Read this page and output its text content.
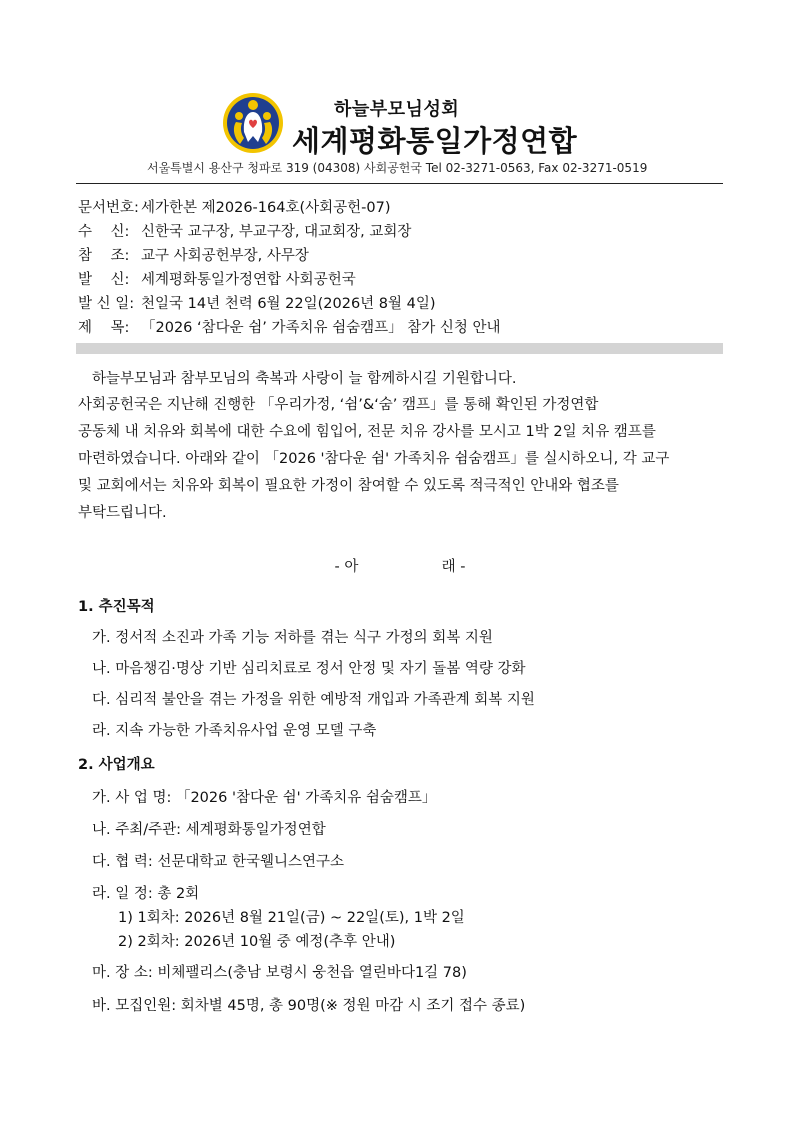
하늘부모님성회
세계평화통일가정연합
서울특별시 용산구 청파로 319 (04308) 사회공헌국 Tel 02-3271-0563, Fax 02-3271-0519
문서번호: 세가한본 제2026-164호(사회공헌-07)
수    신: 신한국 교구장, 부교구장, 대교회장, 교회장
참    조: 교구 사회공헌부장, 사무장
발    신: 세계평화통일가정연합 사회공헌국
발 신 일: 천일국 14년 천력 6월 22일(2026년 8월 4일)
제    목: 「2026 ‘참다운 쉼’ 가족치유 쉼숨캠프」 참가 신청 안내
하늘부모님과 참부모님의 축복과 사랑이 늘 함께하시길 기원합니다.
사회공헌국은 지난해 진행한 「우리가정, ‘쉼’&‘숨’ 캠프」를 통해 확인된 가정연합
공동체 내 치유와 회복에 대한 수요에 힘입어, 전문 치유 강사를 모시고 1박 2일 치유 캠프를
마련하였습니다. 아래와 같이 「2026 '참다운 쉼' 가족치유 쉼숨캠프」를 실시하오니, 각 교구
및 교회에서는 치유와 회복이 필요한 가정이 참여할 수 있도록 적극적인 안내와 협조를
부탁드립니다.
- 아	래 -
1. 추진목적
가. 정서적 소진과 가족 기능 저하를 겪는 식구 가정의 회복 지원
나. 마음챙김·명상 기반 심리치료로 정서 안정 및 자기 돌봄 역량 강화
다. 심리적 불안을 겪는 가정을 위한 예방적 개입과 가족관계 회복 지원
라. 지속 가능한 가족치유사업 운영 모델 구축
2. 사업개요
가. 사 업 명: 「2026 '참다운 쉼' 가족치유 쉼숨캠프」
나. 주최/주관: 세계평화통일가정연합
다. 협 력: 선문대학교 한국웰니스연구소
라. 일 정: 총 2회
1) 1회차: 2026년 8월 21일(금) ~ 22일(토), 1박 2일
2) 2회차: 2026년 10월 중 예정(추후 안내)
마. 장 소: 비체팰리스(충남 보령시 웅천읍 열린바다1길 78)
바. 모집인원: 회차별 45명, 총 90명(※ 정원 마감 시 조기 접수 종료)
